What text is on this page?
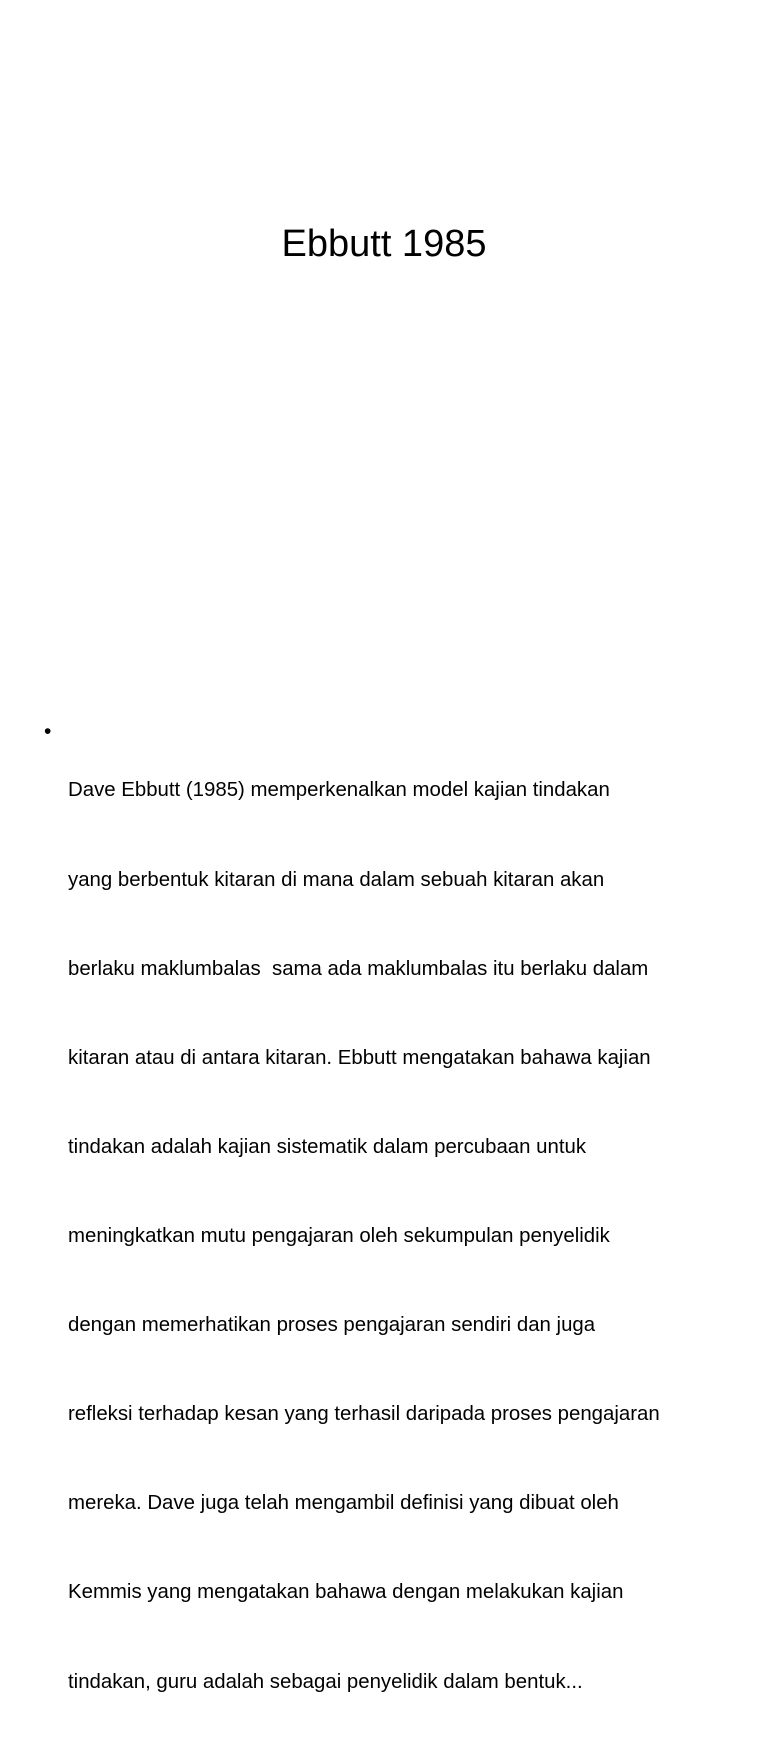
Ebbutt 1985
•

Dave Ebbutt (1985) memperkenalkan model kajian tindakan

yang berbentuk kitaran di mana dalam sebuah kitaran akan

berlaku maklumbalas  sama ada maklumbalas itu berlaku dalam

kitaran atau di antara kitaran. Ebbutt mengatakan bahawa kajian

tindakan adalah kajian sistematik dalam percubaan untuk

meningkatkan mutu pengajaran oleh sekumpulan penyelidik

dengan memerhatikan proses pengajaran sendiri dan juga

refleksi terhadap kesan yang terhasil daripada proses pengajaran

mereka. Dave juga telah mengambil definisi yang dibuat oleh

Kemmis yang mengatakan bahawa dengan melakukan kajian

tindakan, guru adalah sebagai penyelidik dalam bentuk...
